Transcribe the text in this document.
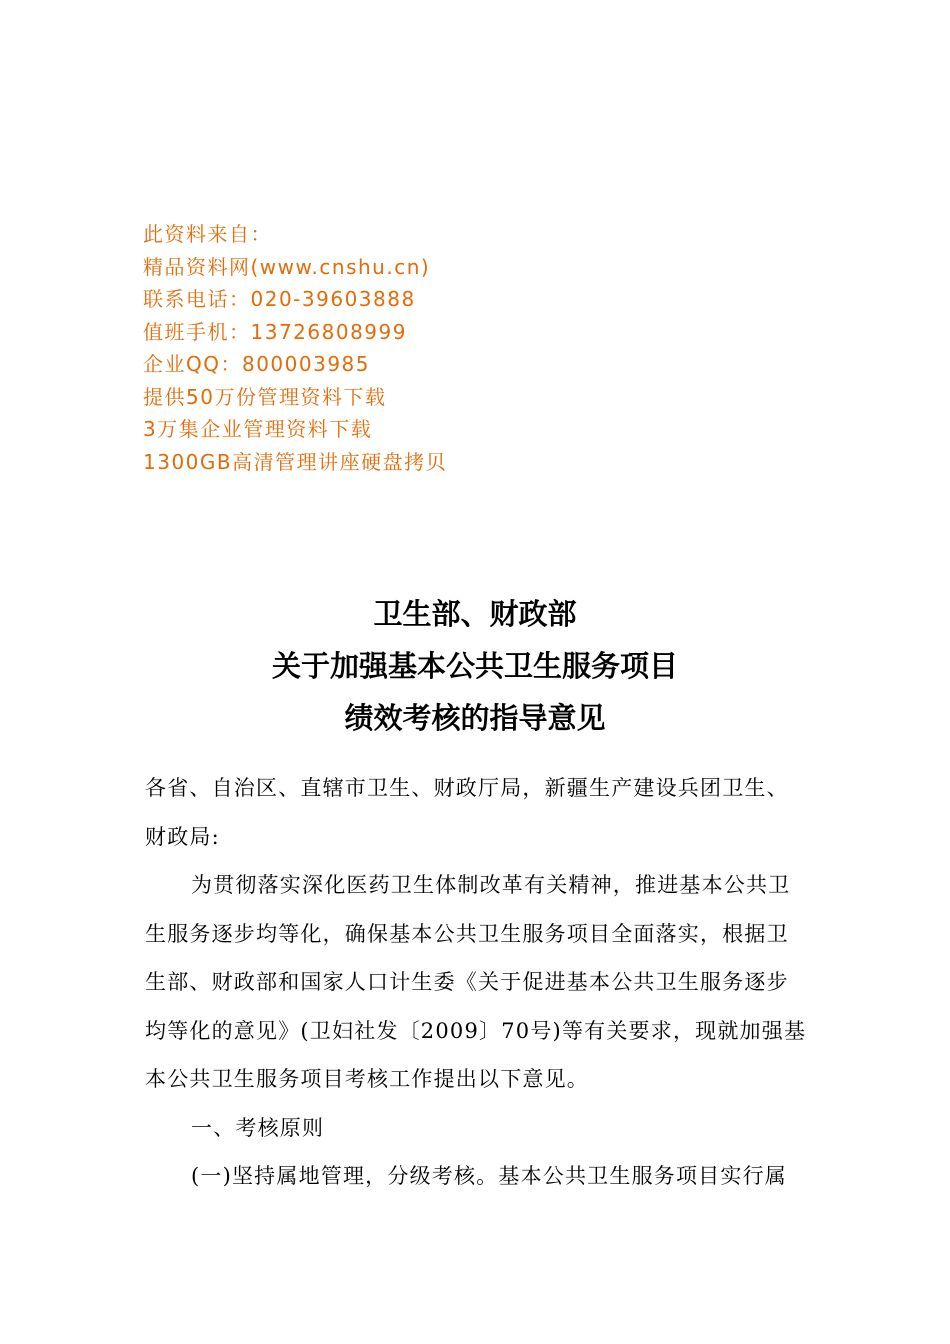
此资料来自：
精品资料网(www.cnshu.cn)
联系电话：020-39603888
值班手机：13726808999
企业QQ：800003985
提供50万份管理资料下载
3万集企业管理资料下载
1300GB高清管理讲座硬盘拷贝
卫生部、财政部
关于加强基本公共卫生服务项目
绩效考核的指导意见
各省、自治区、直辖市卫生、财政厅局，新疆生产建设兵团卫生、
财政局:
为贯彻落实深化医药卫生体制改革有关精神，推进基本公共卫
生服务逐步均等化，确保基本公共卫生服务项目全面落实，根据卫
生部、财政部和国家人口计生委《关于促进基本公共卫生服务逐步
均等化的意见》(卫妇社发〔2009〕70号)等有关要求，现就加强基
本公共卫生服务项目考核工作提出以下意见。
一、考核原则
(一)坚持属地管理，分级考核。基本公共卫生服务项目实行属
